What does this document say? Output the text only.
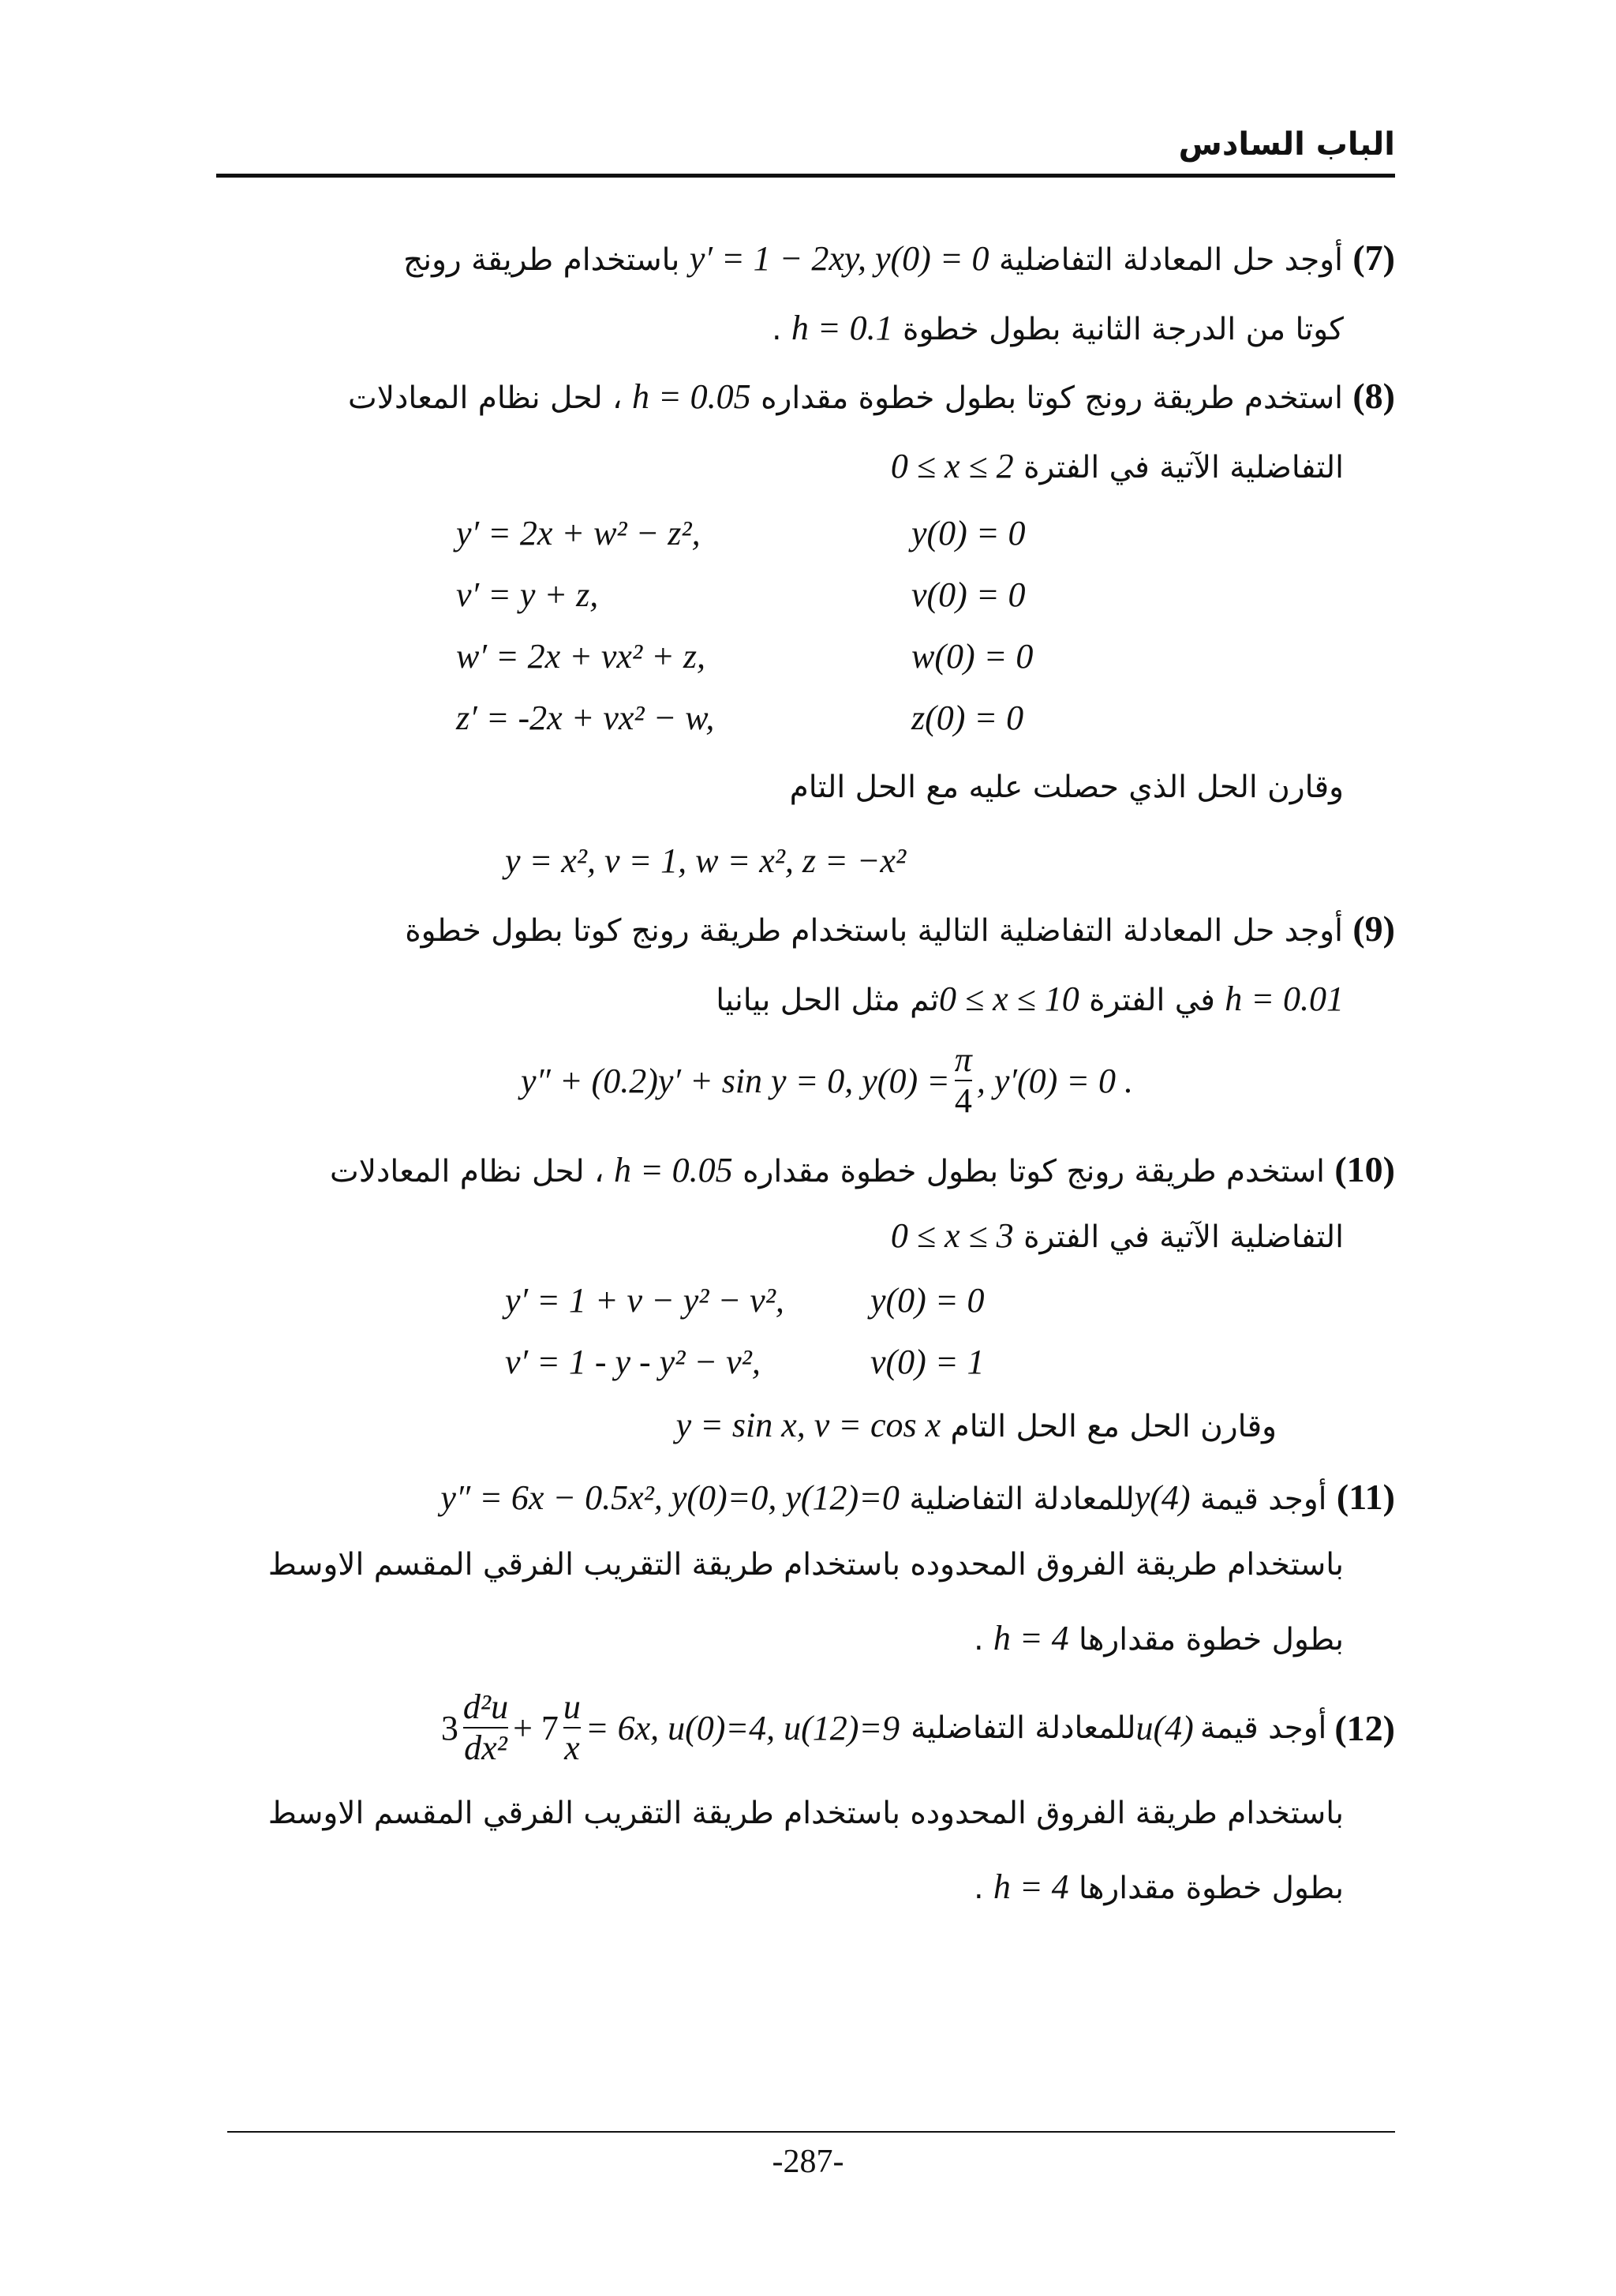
الباب السادس
(7) أوجد حل المعادلة التفاضلية y′ = 1 − 2xy, y(0) = 0 باستخدام طريقة رونج
كوتا من الدرجة الثانية بطول خطوة h = 0.1 .
(8) استخدم طريقة رونج كوتا بطول خطوة مقداره h = 0.05 ، لحل نظام المعادلات
التفاضلية الآتية في الفترة 0 ≤ x ≤ 2
y′ = 2x + w² − z²,	y(0) = 0
v′ = y + z,	v(0) = 0
w′ = 2x + vx² + z,	w(0) = 0
z′ = -2x + vx² − w,	z(0) = 0
وقارن الحل الذي حصلت عليه مع الحل التام
y = x², v = 1, w = x², z = −x²
(9) أوجد حل المعادلة التفاضلية التالية باستخدام طريقة رونج كوتا بطول خطوة
h = 0.01 في الفترة 0 ≤ x ≤ 10ثم مثل الحل بيانيا
y″ + (0.2)y′ + sin y = 0, $y(0) = \frac{\pi}{4}$ , y′(0) = 0 .
(10) استخدم طريقة رونج كوتا بطول خطوة مقداره h = 0.05 ، لحل نظام المعادلات
التفاضلية الآتية في الفترة 0 ≤ x ≤ 3
y′ = 1 + v − y² − v², y(0) = 0
v′ = 1 - y - y² − v²,	v(0) = 1
وقارن الحل مع الحل التام y = sin x, v = cos x
(11) أوجد قيمة y(4)للمعادلة التفاضلية y″ = 6x − 0.5x², y(0)=0, y(12)=0
باستخدام طريقة الفروق المحدوده باستخدام طريقة التقريب الفرقي المقسم الاوسط
بطول خطوة مقدارها h = 4 .
(12)
أوجد قيمة
u(4)
للمعادلة التفاضلية
$3 \frac{\text{d²u}}{\text{dx²}} + 7 \frac{u}{x} = 6x$, u(0)=4, u(12)=9
باستخدام طريقة الفروق المحدوده باستخدام طريقة التقريب الفرقي المقسم الاوسط
بطول خطوة مقدارها h = 4 .
-287-
